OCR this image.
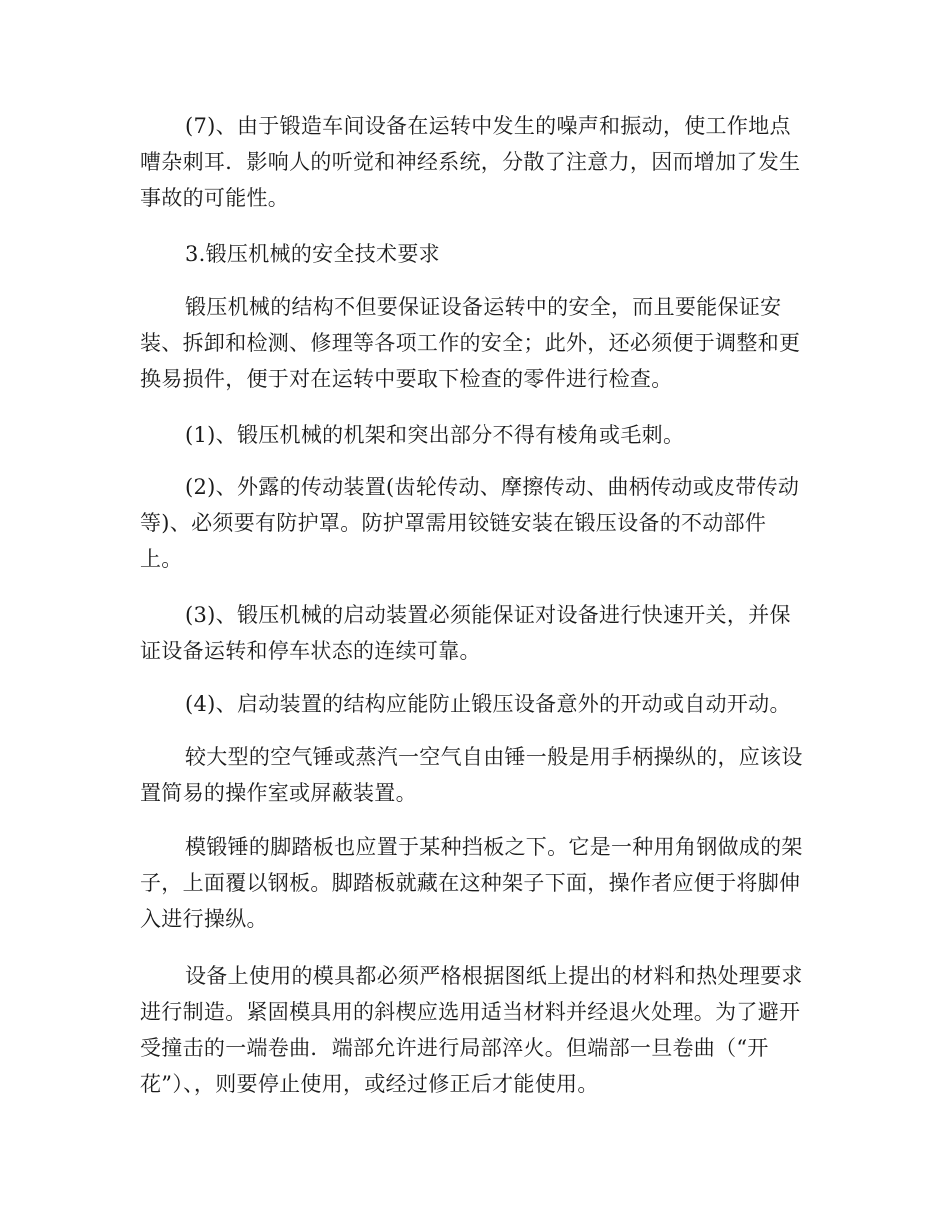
(7)、由于锻造车间设备在运转中发生的噪声和振动，使工作地点嘈杂刺耳．影响人的听觉和神经系统，分散了注意力，因而增加了发生事故的可能性。

3.锻压机械的安全技术要求

锻压机械的结构不但要保证设备运转中的安全，而且要能保证安装、拆卸和检测、修理等各项工作的安全；此外，还必须便于调整和更换易损件，便于对在运转中要取下检查的零件进行检查。

(1)、锻压机械的机架和突出部分不得有棱角或毛刺。

(2)、外露的传动装置(齿轮传动、摩擦传动、曲柄传动或皮带传动等)、必须要有防护罩。防护罩需用铰链安装在锻压设备的不动部件上。

(3)、锻压机械的启动装置必须能保证对设备进行快速开关，并保证设备运转和停车状态的连续可靠。

(4)、启动装置的结构应能防止锻压设备意外的开动或自动开动。

较大型的空气锤或蒸汽一空气自由锤一般是用手柄操纵的，应该设置简易的操作室或屏蔽装置。

模锻锤的脚踏板也应置于某种挡板之下。它是一种用角钢做成的架子，上面覆以钢板。脚踏板就藏在这种架子下面，操作者应便于将脚伸入进行操纵。

设备上使用的模具都必须严格根据图纸上提出的材料和热处理要求进行制造。紧固模具用的斜楔应选用适当材料并经退火处理。为了避开受撞击的一端卷曲．端部允许进行局部淬火。但端部一旦卷曲（“开花”）、，则要停止使用，或经过修正后才能使用。
